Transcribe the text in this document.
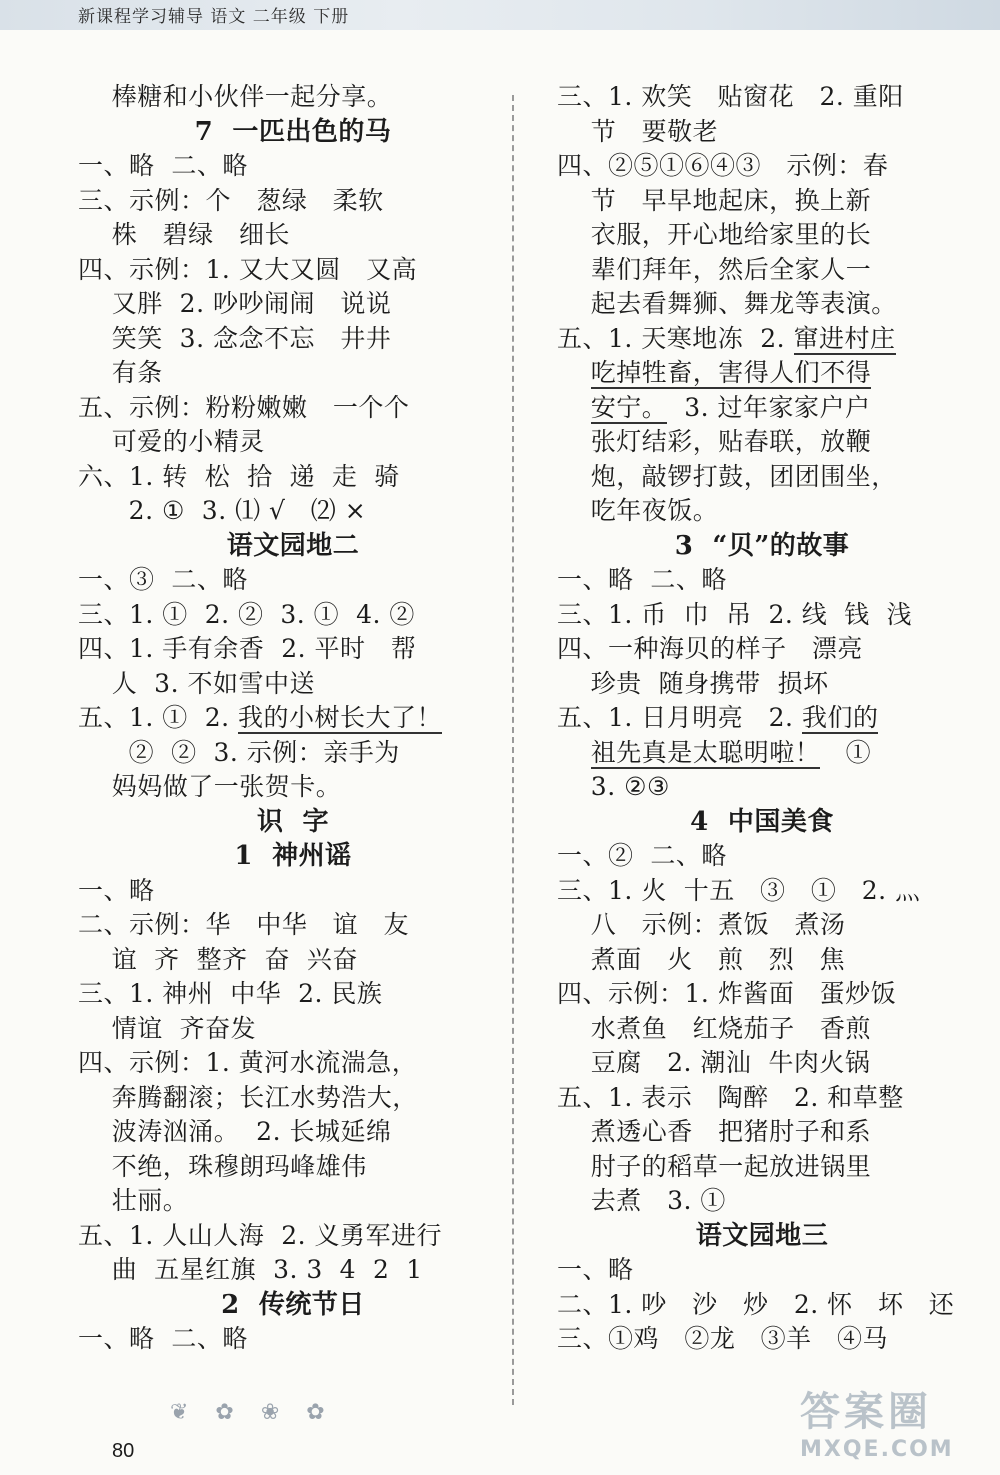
新课程学习辅导 语文 二年级 下册
棒糖和小伙伴一起分享。
7  一匹出色的马
一、略  二、略
三、示例：个   葱绿   柔软
株   碧绿   细长
四、示例：1. 又大又圆   又高
又胖  2. 吵吵闹闹   说说
笑笑  3. 念念不忘   井井
有条
五、示例：粉粉嫩嫩   一个个
可爱的小精灵
六、1. 转  松  拾  递  走  骑
2. ①  3. ⑴ √   ⑵ ×
语文园地二
一、③  二、略
三、1. ①  2. ②  3. ①  4. ②
四、1. 手有余香  2. 平时   帮
人  3. 不如雪中送
五、1. ①  2. 我的小树长大了！
②  ②  3. 示例：亲手为
妈妈做了一张贺卡。
识  字
1  神州谣
一、略
二、示例：华   中华   谊   友
谊  齐  整齐  奋  兴奋
三、1. 神州  中华  2. 民族
情谊  齐奋发
四、示例：1. 黄河水流湍急，
奔腾翻滚；长江水势浩大，
波涛汹涌。  2. 长城延绵
不绝，珠穆朗玛峰雄伟
壮丽。
五、1. 人山人海  2. 义勇军进行
曲  五星红旗  3. 3  4  2  1
2  传统节日
一、略  二、略
三、1. 欢笑   贴窗花   2. 重阳
节   要敬老
四、②⑤①⑥④③   示例：春
节   早早地起床，换上新
衣服，开心地给家里的长
辈们拜年，然后全家人一
起去看舞狮、舞龙等表演。
五、1. 天寒地冻  2. 窜进村庄
吃掉牲畜，害得人们不得
安宁。  3. 过年家家户户
张灯结彩，贴春联，放鞭
炮，敲锣打鼓，团团围坐，
吃年夜饭。
3  “贝”的故事
一、略  二、略
三、1. 币  巾  吊  2. 线  钱  浅
四、一种海贝的样子   漂亮
珍贵  随身携带  损坏
五、1. 日月明亮   2. 我们的
祖先真是太聪明啦！   ①
3. ②③
4  中国美食
一、②  二、略
三、1. 火  十五   ③   ①   2. 灬
八   示例：煮饭   煮汤
煮面   火   煎   烈   焦
四、示例：1. 炸酱面   蛋炒饭
水煮鱼   红烧茄子   香煎
豆腐   2. 潮汕  牛肉火锅
五、1. 表示   陶醉   2. 和草整
煮透心香   把猪肘子和系
肘子的稻草一起放进锅里
去煮   3. ①
语文园地三
一、略
二、1. 吵   沙   炒   2. 怀   坏   还
三、①鸡   ②龙   ③羊   ④马
❦ ✿ ❀ ✿
80
答案圈
MXQE.COM
